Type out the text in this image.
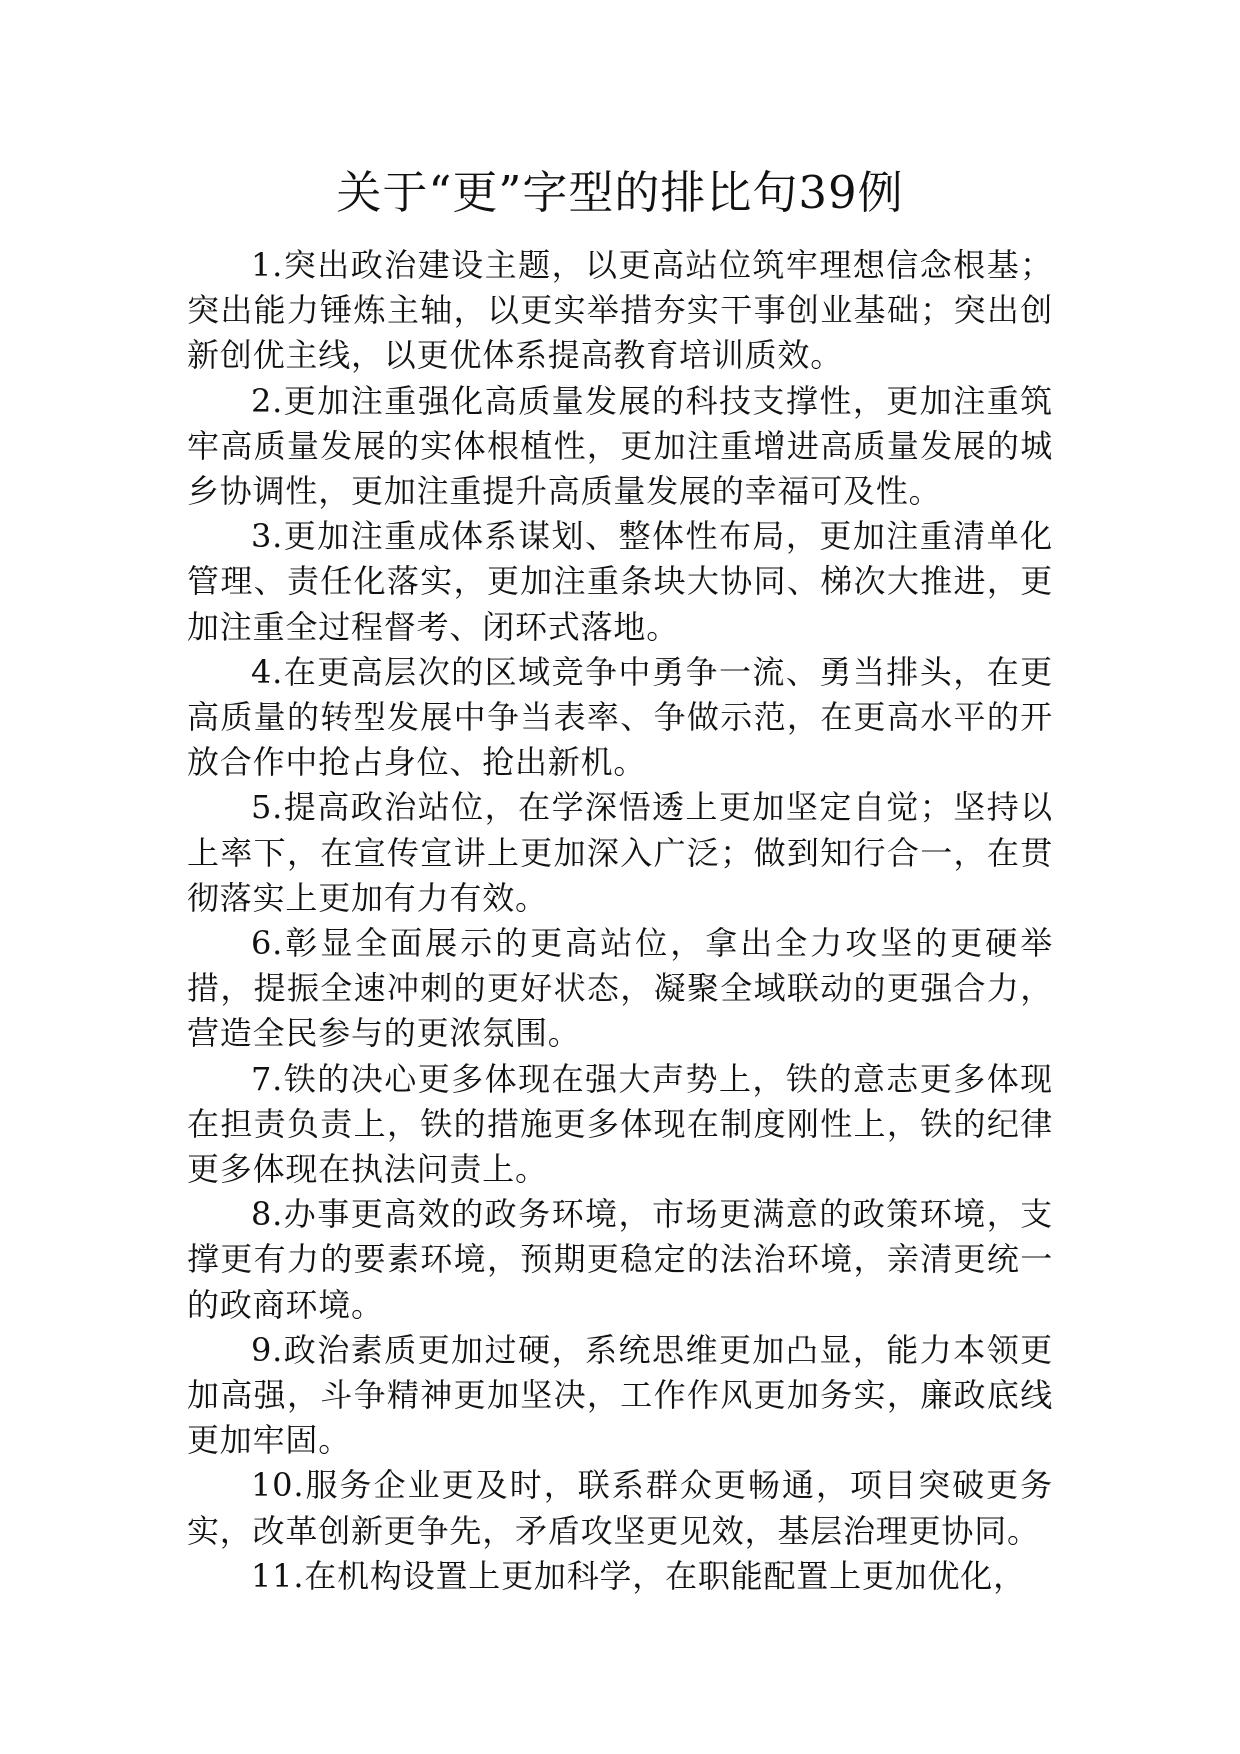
关于“更”字型的排比句39例

1.突出政治建设主题，以更高站位筑牢理想信念根基；突出能力锤炼主轴，以更实举措夯实干事创业基础；突出创新创优主线，以更优体系提高教育培训质效。

2.更加注重强化高质量发展的科技支撑性，更加注重筑牢高质量发展的实体根植性，更加注重增进高质量发展的城乡协调性，更加注重提升高质量发展的幸福可及性。

3.更加注重成体系谋划、整体性布局，更加注重清单化管理、责任化落实，更加注重条块大协同、梯次大推进，更加注重全过程督考、闭环式落地。

4.在更高层次的区域竞争中勇争一流、勇当排头，在更高质量的转型发展中争当表率、争做示范，在更高水平的开放合作中抢占身位、抢出新机。

5.提高政治站位，在学深悟透上更加坚定自觉；坚持以上率下，在宣传宣讲上更加深入广泛；做到知行合一，在贯彻落实上更加有力有效。

6.彰显全面展示的更高站位，拿出全力攻坚的更硬举措，提振全速冲刺的更好状态，凝聚全域联动的更强合力，营造全民参与的更浓氛围。

7.铁的决心更多体现在强大声势上，铁的意志更多体现在担责负责上，铁的措施更多体现在制度刚性上，铁的纪律更多体现在执法问责上。

8.办事更高效的政务环境，市场更满意的政策环境，支撑更有力的要素环境，预期更稳定的法治环境，亲清更统一的政商环境。

9.政治素质更加过硬，系统思维更加凸显，能力本领更加高强，斗争精神更加坚决，工作作风更加务实，廉政底线更加牢固。

10.服务企业更及时，联系群众更畅通，项目突破更务实，改革创新更争先，矛盾攻坚更见效，基层治理更协同。

11.在机构设置上更加科学，在职能配置上更加优化，
